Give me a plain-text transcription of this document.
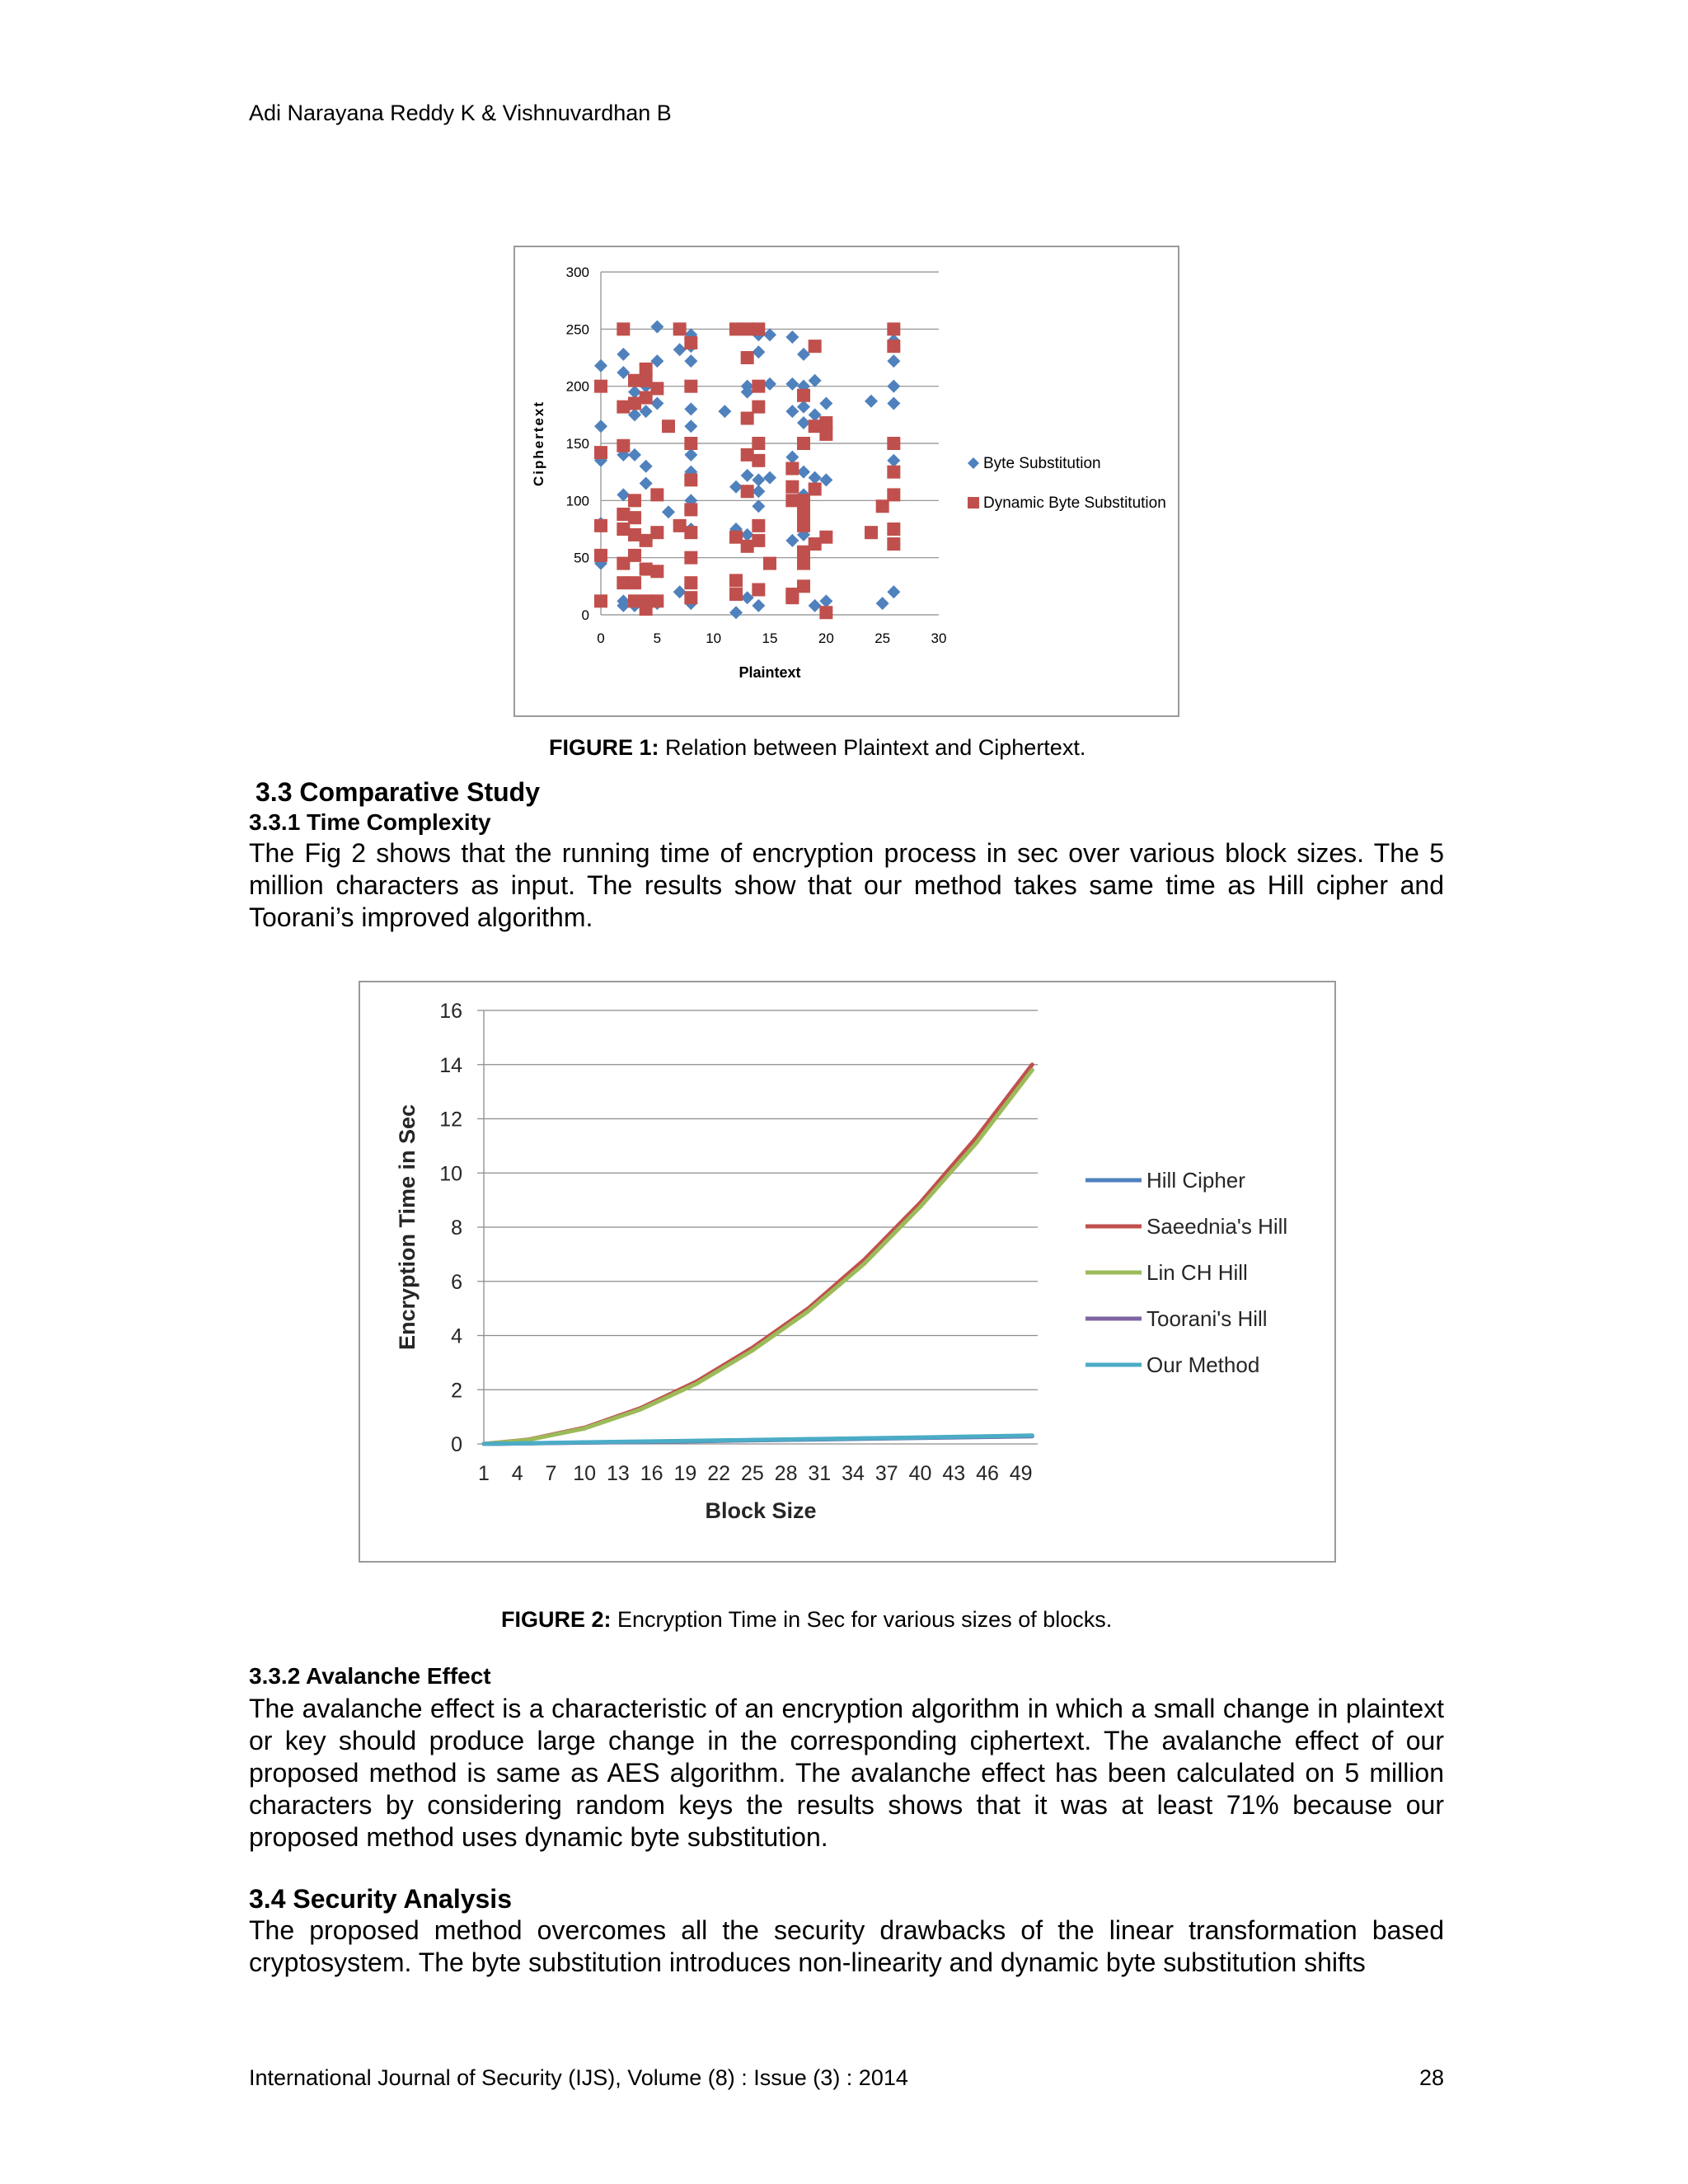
Adi Narayana Reddy K & Vishnuvardhan B
0
50
100
150
200
250
300
0	5	10	15	20	25	30
Plaintext
Ciphertext	Byte Substitution
Dynamic Byte Substitution
FIGURE 1: Relation between Plaintext and Ciphertext.
3.3 Comparative Study
3.3.1 Time Complexity
The Fig 2 shows that the running time of encryption process in sec over various block sizes. The 5 million characters as input. The results show that our method takes same time as Hill cipher and Toorani’s improved algorithm.
0
2
4
6
8
10
12
14
16
1 4 7 10 13 16 19 22 25 28 31 34 37 40 43 46 49
Block Size
Encryption Time in Sec	Hill Cipher
Saeednia's Hill
Lin CH Hill
Toorani's Hill
Our Method
FIGURE 2: Encryption Time in Sec for various sizes of blocks.
3.3.2 Avalanche Effect
The avalanche effect is a characteristic of an encryption algorithm in which a small change in plaintext or key should produce large change in the corresponding ciphertext. The avalanche effect of our proposed method is same as AES algorithm. The avalanche effect has been calculated on 5 million characters by considering random keys the results shows that it was at least 71% because our proposed method uses dynamic byte substitution.
3.4 Security Analysis
The proposed method overcomes all the security drawbacks of the linear transformation based cryptosystem. The byte substitution introduces non-linearity and dynamic byte substitution shifts
International Journal of Security (IJS), Volume (8) : Issue (3) : 2014	28
